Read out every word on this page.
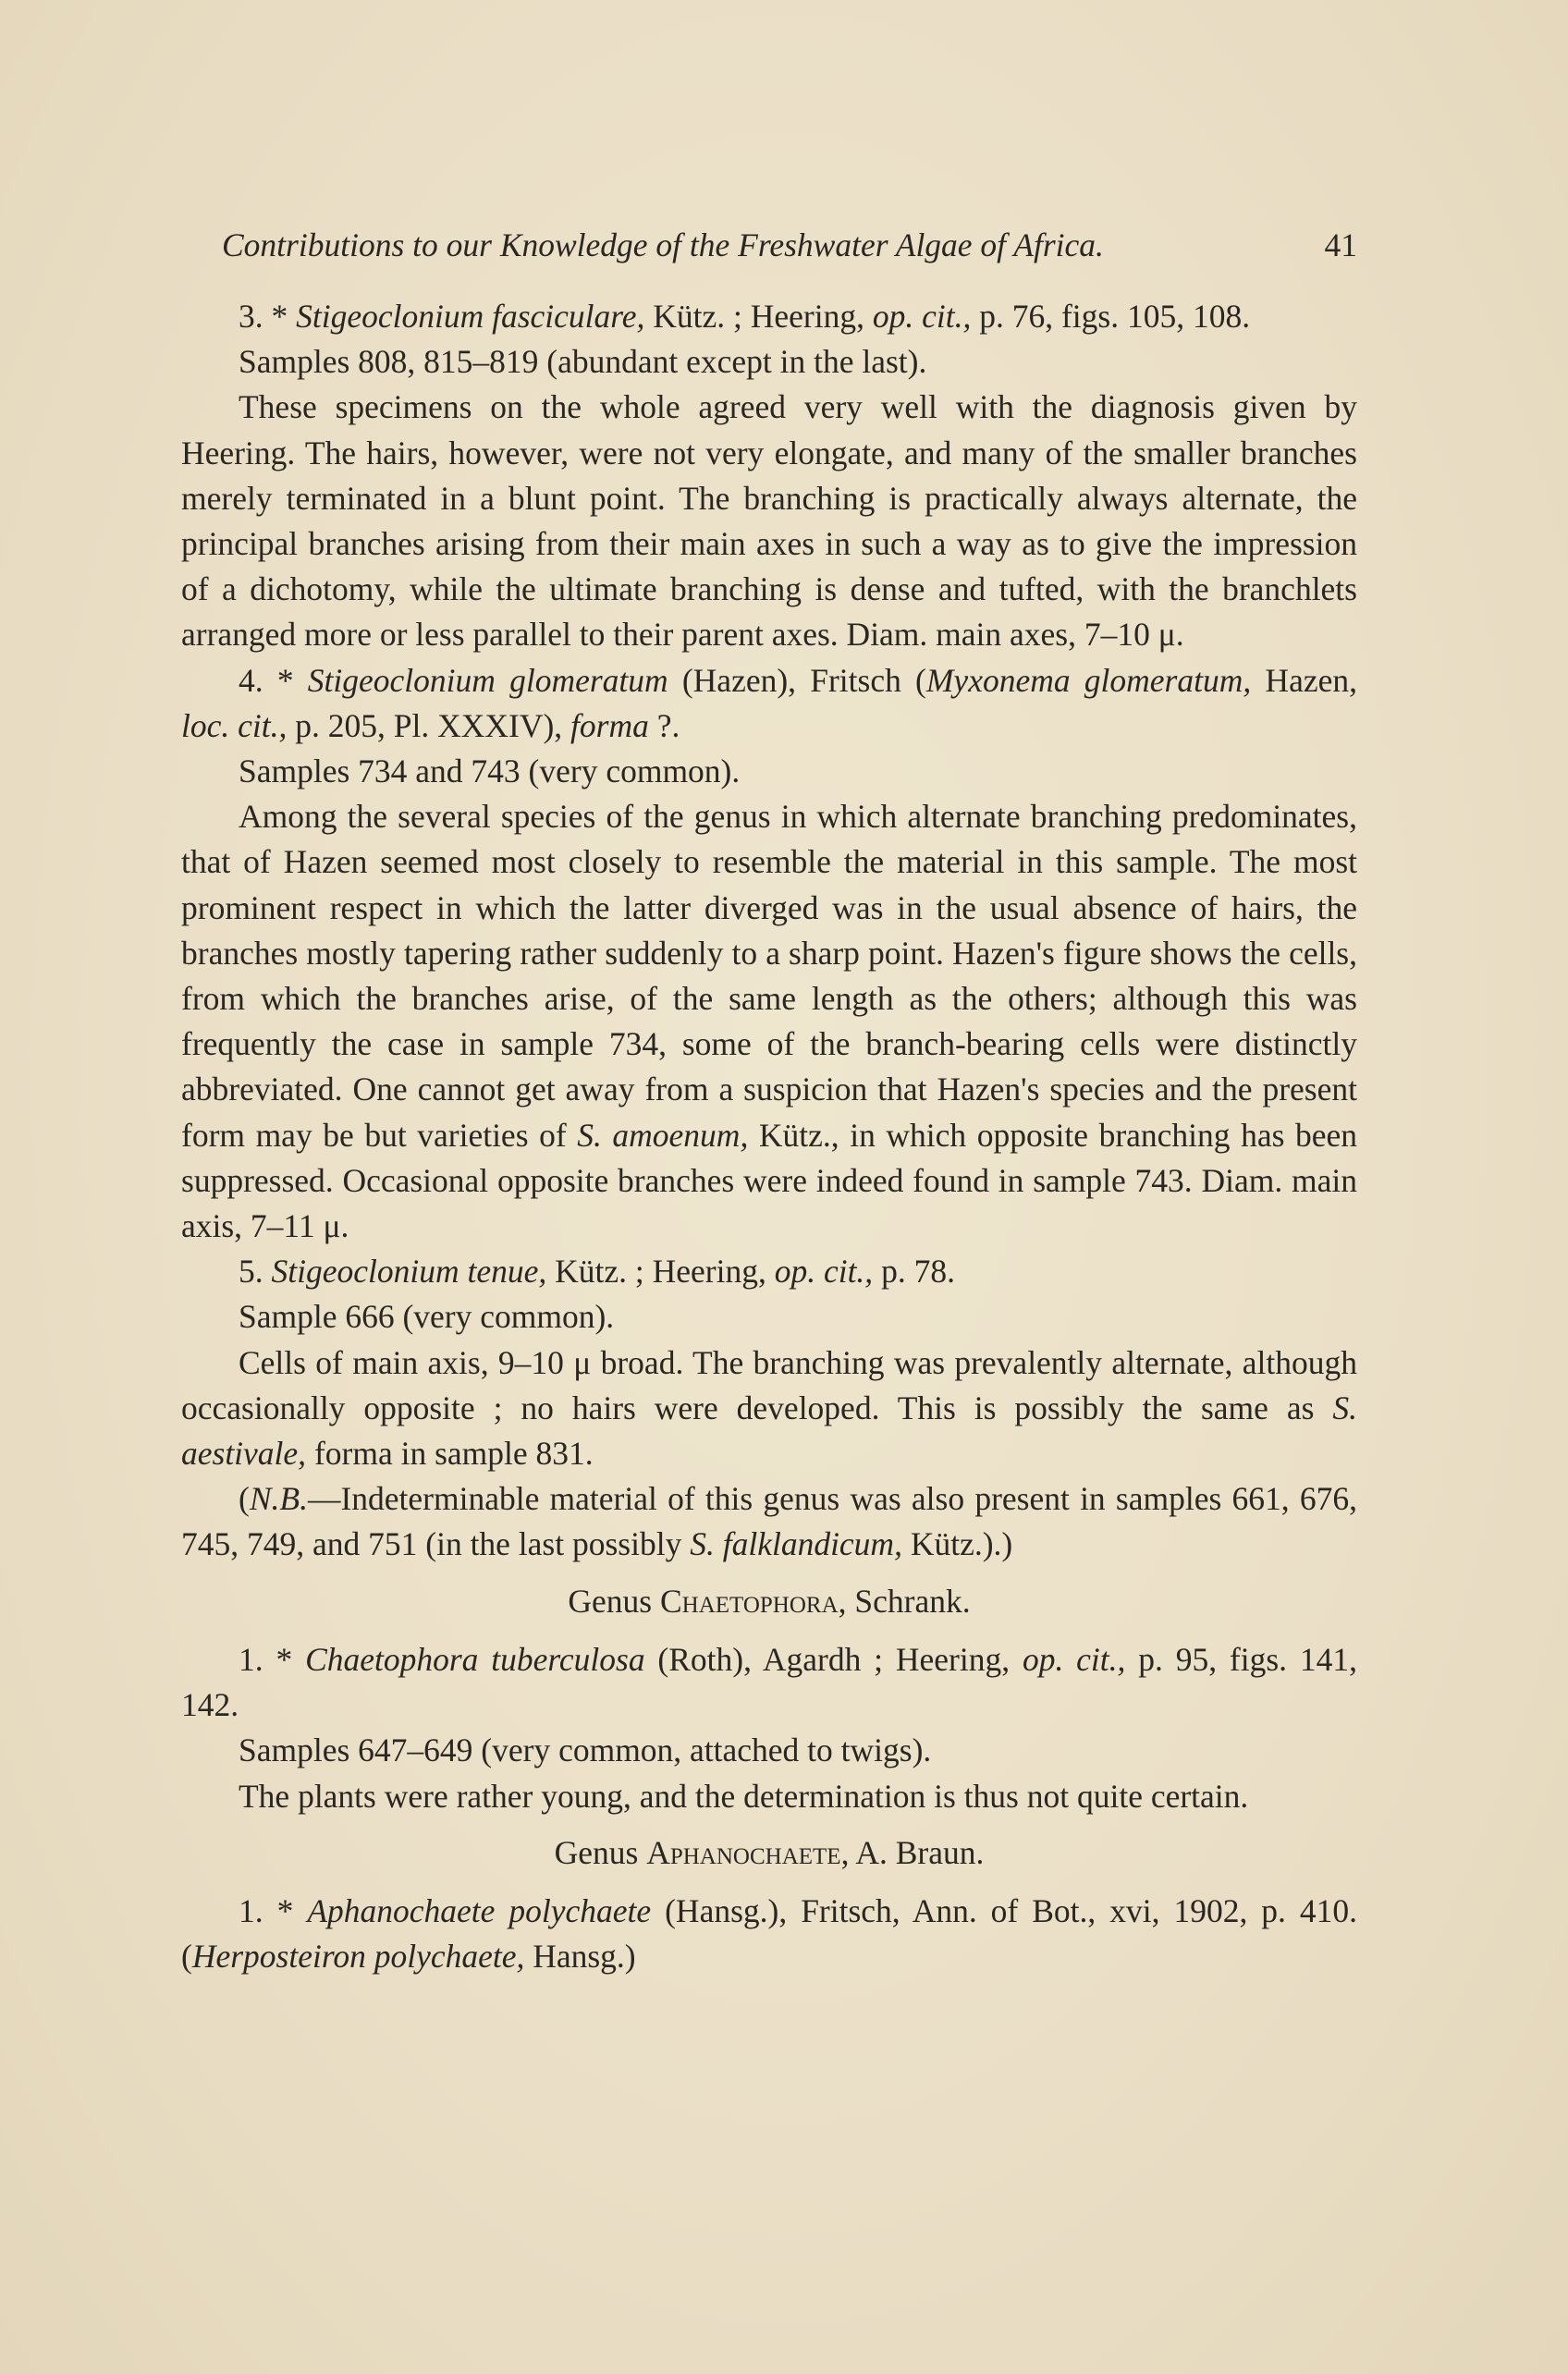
Contributions to our Knowledge of the Freshwater Algae of Africa.	41

3. * Stigeoclonium fasciculare, Kütz. ; Heering, op. cit., p. 76, figs. 105, 108.

Samples 808, 815–819 (abundant except in the last).

These specimens on the whole agreed very well with the diagnosis given by Heering. The hairs, however, were not very elongate, and many of the smaller branches merely terminated in a blunt point. The branching is practically always alternate, the principal branches arising from their main axes in such a way as to give the impression of a dichotomy, while the ultimate branching is dense and tufted, with the branchlets arranged more or less parallel to their parent axes. Diam. main axes, 7–10 μ.

4. * Stigeoclonium glomeratum (Hazen), Fritsch (Myxonema glomeratum, Hazen, loc. cit., p. 205, Pl. XXXIV), forma ?.

Samples 734 and 743 (very common).

Among the several species of the genus in which alternate branching predominates, that of Hazen seemed most closely to resemble the material in this sample. The most prominent respect in which the latter diverged was in the usual absence of hairs, the branches mostly tapering rather suddenly to a sharp point. Hazen's figure shows the cells, from which the branches arise, of the same length as the others; although this was frequently the case in sample 734, some of the branch-bearing cells were distinctly abbreviated. One cannot get away from a suspicion that Hazen's species and the present form may be but varieties of S. amoenum, Kütz., in which opposite branching has been suppressed. Occasional opposite branches were indeed found in sample 743. Diam. main axis, 7–11 μ.

5. Stigeoclonium tenue, Kütz. ; Heering, op. cit., p. 78.

Sample 666 (very common).

Cells of main axis, 9–10 μ broad. The branching was prevalently alternate, although occasionally opposite ; no hairs were developed. This is possibly the same as S. aestivale, forma in sample 831.

(N.B.—Indeterminable material of this genus was also present in samples 661, 676, 745, 749, and 751 (in the last possibly S. falklandicum, Kütz.).)

Genus Chaetophora, Schrank.

1. * Chaetophora tuberculosa (Roth), Agardh ; Heering, op. cit., p. 95, figs. 141, 142.

Samples 647–649 (very common, attached to twigs).

The plants were rather young, and the determination is thus not quite certain.

Genus Aphanochaete, A. Braun.

1. * Aphanochaete polychaete (Hansg.), Fritsch, Ann. of Bot., xvi, 1902, p. 410. (Herposteiron polychaete, Hansg.)
